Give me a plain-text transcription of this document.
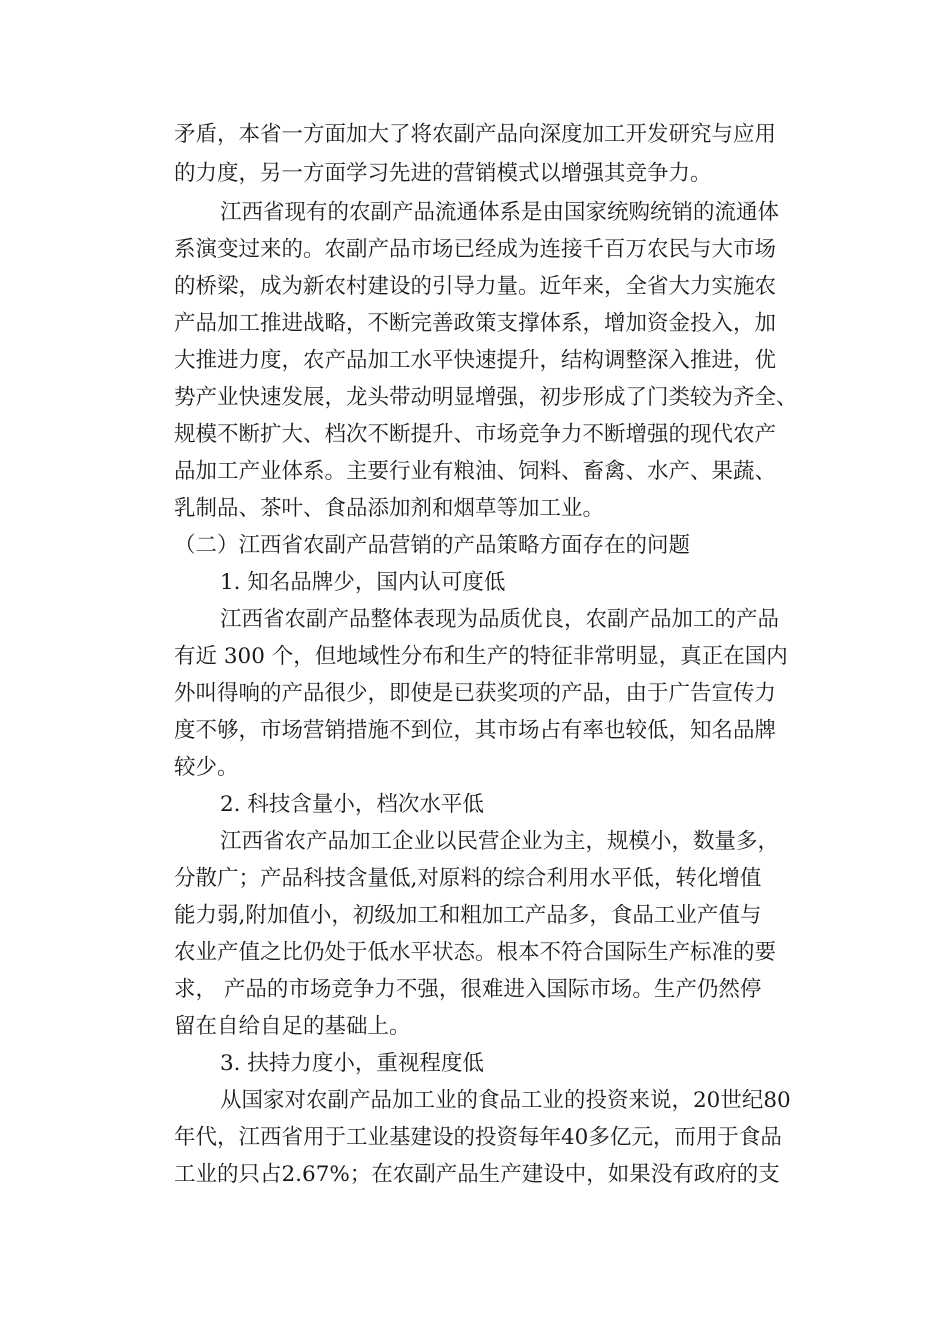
矛盾，本省一方面加大了将农副产品向深度加工开发研究与应用

的力度，另一方面学习先进的营销模式以增强其竞争力。

江西省现有的农副产品流通体系是由国家统购统销的流通体

系演变过来的。农副产品市场已经成为连接千百万农民与大市场

的桥梁，成为新农村建设的引导力量。近年来，全省大力实施农

产品加工推进战略，不断完善政策支撑体系，增加资金投入，加

大推进力度，农产品加工水平快速提升，结构调整深入推进，优

势产业快速发展，龙头带动明显增强，初步形成了门类较为齐全、

规模不断扩大、档次不断提升、市场竞争力不断增强的现代农产

品加工产业体系。主要行业有粮油、饲料、畜禽、水产、果蔬、

乳制品、茶叶、食品添加剂和烟草等加工业。

（二）江西省农副产品营销的产品策略方面存在的问题

1. 知名品牌少，国内认可度低

江西省农副产品整体表现为品质优良，农副产品加工的产品

有近 300 个，但地域性分布和生产的特征非常明显，真正在国内

外叫得响的产品很少，即使是已获奖项的产品，由于广告宣传力

度不够，市场营销措施不到位，其市场占有率也较低，知名品牌

较少。

2. 科技含量小，档次水平低

江西省农产品加工企业以民营企业为主，规模小，数量多，

分散广；产品科技含量低,对原料的综合利用水平低，转化增值

能力弱,附加值小，初级加工和粗加工产品多，食品工业产值与

农业产值之比仍处于低水平状态。根本不符合国际生产标准的要

求， 产品的市场竞争力不强，很难进入国际市场。生产仍然停

留在自给自足的基础上。

3. 扶持力度小，重视程度低

从国家对农副产品加工业的食品工业的投资来说，20世纪80

年代，江西省用于工业基建设的投资每年40多亿元，而用于食品

工业的只占2.67%；在农副产品生产建设中，如果没有政府的支
